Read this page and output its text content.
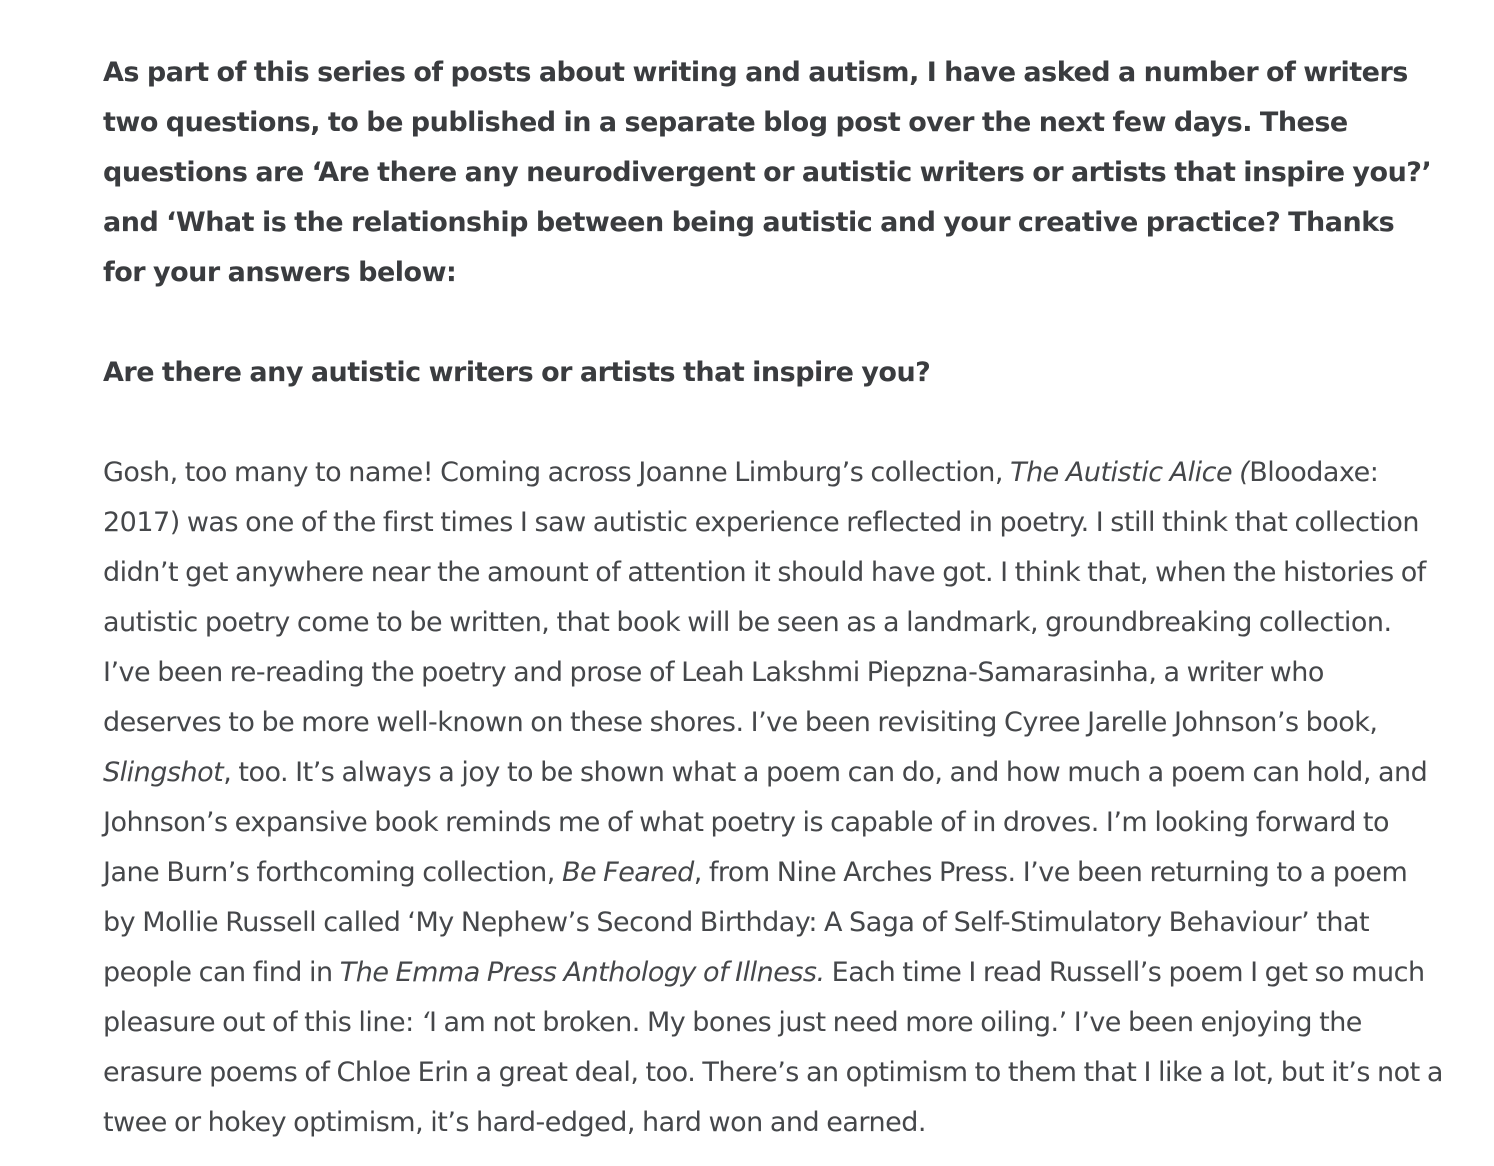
As part of this series of posts about writing and autism, I have asked a number of writers two questions, to be published in a separate blog post over the next few days. These questions are ‘Are there any neurodivergent or autistic writers or artists that inspire you?’ and ‘What is the relationship between being autistic and your creative practice? Thanks for your answers below:

Are there any autistic writers or artists that inspire you?

Gosh, too many to name! Coming across Joanne Limburg’s collection, The Autistic Alice (Bloodaxe: 2017) was one of the first times I saw autistic experience reflected in poetry. I still think that collection didn’t get anywhere near the amount of attention it should have got. I think that, when the histories of autistic poetry come to be written, that book will be seen as a landmark, groundbreaking collection. I’ve been re-reading the poetry and prose of Leah Lakshmi Piepzna-Samarasinha, a writer who deserves to be more well-known on these shores. I’ve been revisiting Cyree Jarelle Johnson’s book, Slingshot, too. It’s always a joy to be shown what a poem can do, and how much a poem can hold, and Johnson’s expansive book reminds me of what poetry is capable of in droves. I’m looking forward to Jane Burn’s forthcoming collection, Be Feared, from Nine Arches Press. I’ve been returning to a poem by Mollie Russell called ‘My Nephew’s Second Birthday: A Saga of Self-Stimulatory Behaviour’ that people can find in The Emma Press Anthology of Illness. Each time I read Russell’s poem I get so much pleasure out of this line: ‘I am not broken. My bones just need more oiling.’ I’ve been enjoying the erasure poems of Chloe Erin a great deal, too. There’s an optimism to them that I like a lot, but it’s not a twee or hokey optimism, it’s hard-edged, hard won and earned.
